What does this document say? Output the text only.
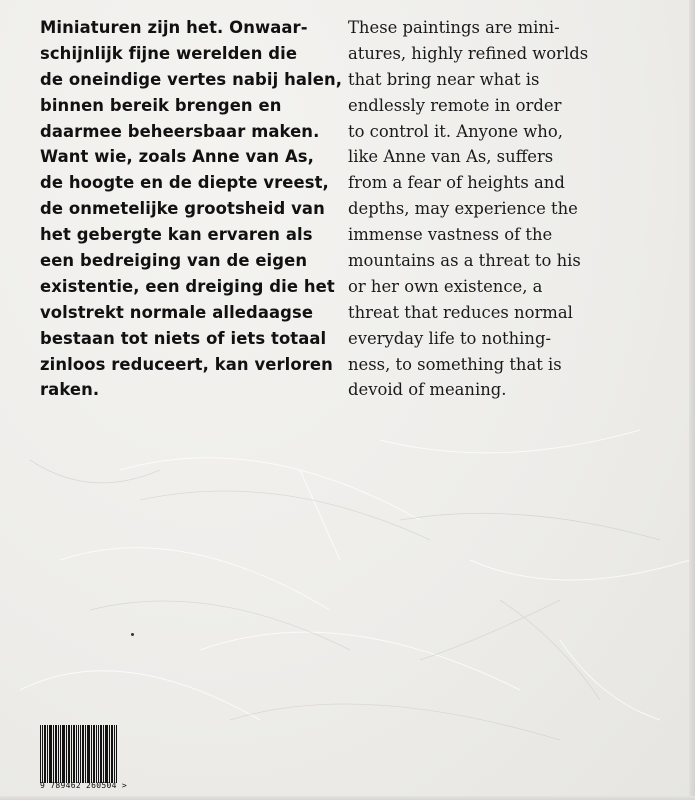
Miniaturen zijn het. Onwaar-
schijnlijk fijne werelden die
de oneindige vertes nabij halen,
binnen bereik brengen en
daarmee beheersbaar maken.
Want wie, zoals Anne van As,
de hoogte en de diepte vreest,
de onmetelijke grootsheid van
het gebergte kan ervaren als
een bedreiging van de eigen
existentie, een dreiging die het
volstrekt normale alledaagse
bestaan tot niets of iets totaal
zinloos reduceert, kan verloren
raken.
These paintings are mini-
atures, highly refined worlds
that bring near what is
endlessly remote in order
to control it. Anyone who,
like Anne van As, suffers
from a fear of heights and
depths, may experience the
immense vastness of the
mountains as a threat to his
or her own existence, a
threat that reduces normal
everyday life to nothing-
ness, to something that is
devoid of meaning.
9 789462 260504 >
